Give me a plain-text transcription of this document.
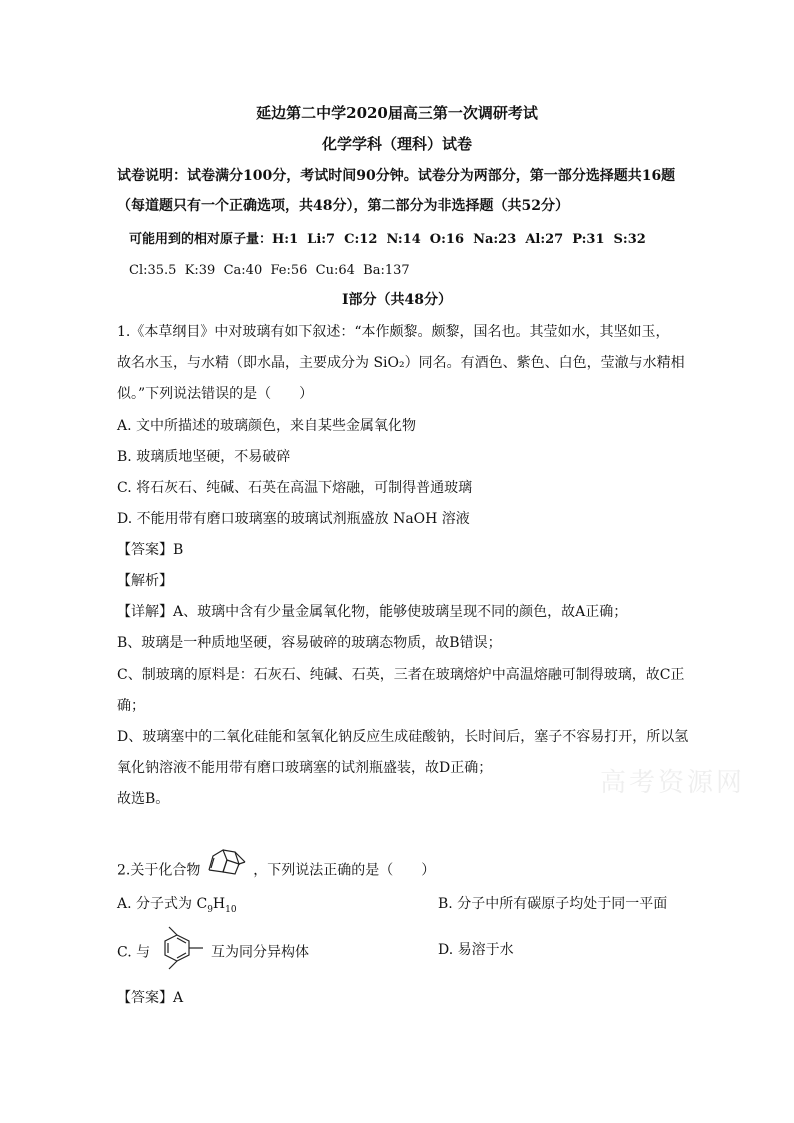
延边第二中学2020届高三第一次调研考试
化学学科（理科）试卷
试卷说明：试卷满分100分，考试时间90分钟。试卷分为两部分，第一部分选择题共16题
（每道题只有一个正确选项，共48分），第二部分为非选择题（共52分）
可能用到的相对原子量：H:1  Li:7  C:12  N:14  O:16  Na:23  Al:27  P:31  S:32
Cl:35.5  K:39  Ca:40  Fe:56  Cu:64  Ba:137
Ⅰ部分（共48分）
1.《本草纲目》中对玻璃有如下叙述：“本作颇黎。颇黎，国名也。其莹如水，其坚如玉，
故名水玉，与水精（即水晶，主要成分为 SiO₂）同名。有酒色、紫色、白色，莹澈与水精相
似。”下列说法错误的是（　　）
A. 文中所描述的玻璃颜色，来自某些金属氧化物
B. 玻璃质地坚硬，不易破碎
C. 将石灰石、纯碱、石英在高温下熔融，可制得普通玻璃
D. 不能用带有磨口玻璃塞的玻璃试剂瓶盛放 NaOH 溶液
【答案】B
【解析】
【详解】A、玻璃中含有少量金属氧化物，能够使玻璃呈现不同的颜色，故A正确；
B、玻璃是一种质地坚硬，容易破碎的玻璃态物质，故B错误；
C、制玻璃的原料是：石灰石、纯碱、石英，三者在玻璃熔炉中高温熔融可制得玻璃，故C正
确；
D、玻璃塞中的二氧化硅能和氢氧化钠反应生成硅酸钠，长时间后，塞子不容易打开，所以氢
氧化钠溶液不能用带有磨口玻璃塞的试剂瓶盛装，故D正确；
故选B。
高考资源网
2.关于化合物	，下列说法正确的是（　　）
A. 分子式为 $C_9H_{10}$	B. 分子中所有碳原子均处于同一平面
C. 与	互为同分异构体	D. 易溶于水
【答案】A
